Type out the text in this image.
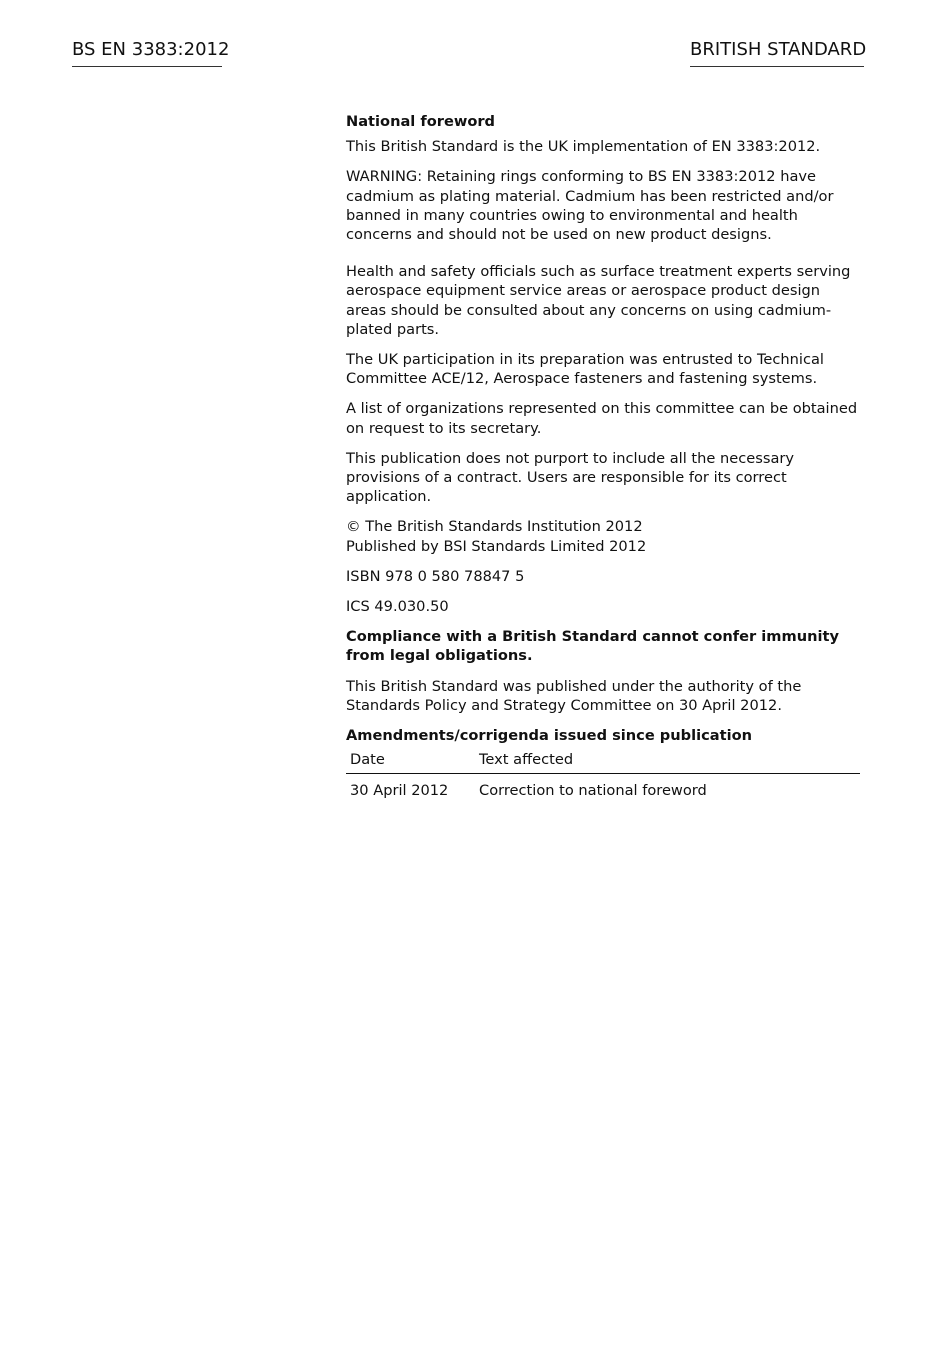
BS EN 3383:2012	BRITISH STANDARD

National foreword

This British Standard is the UK implementation of EN 3383:2012.

WARNING: Retaining rings conforming to BS EN 3383:2012 have cadmium as plating material. Cadmium has been restricted and/or banned in many countries owing to environmental and health concerns and should not be used on new product designs.

Health and safety officials such as surface treatment experts serving aerospace equipment service areas or aerospace product design areas should be consulted about any concerns on using cadmium-plated parts.

The UK participation in its preparation was entrusted to Technical Committee ACE/12, Aerospace fasteners and fastening systems.

A list of organizations represented on this committee can be obtained on request to its secretary.

This publication does not purport to include all the necessary provisions of a contract. Users are responsible for its correct application.

© The British Standards Institution 2012
Published by BSI Standards Limited 2012

ISBN 978 0 580 78847 5

ICS 49.030.50

Compliance with a British Standard cannot confer immunity from legal obligations.

This British Standard was published under the authority of the Standards Policy and Strategy Committee on 30 April 2012.

Amendments/corrigenda issued since publication

Date	Text affected
30 April 2012	Correction to national foreword
